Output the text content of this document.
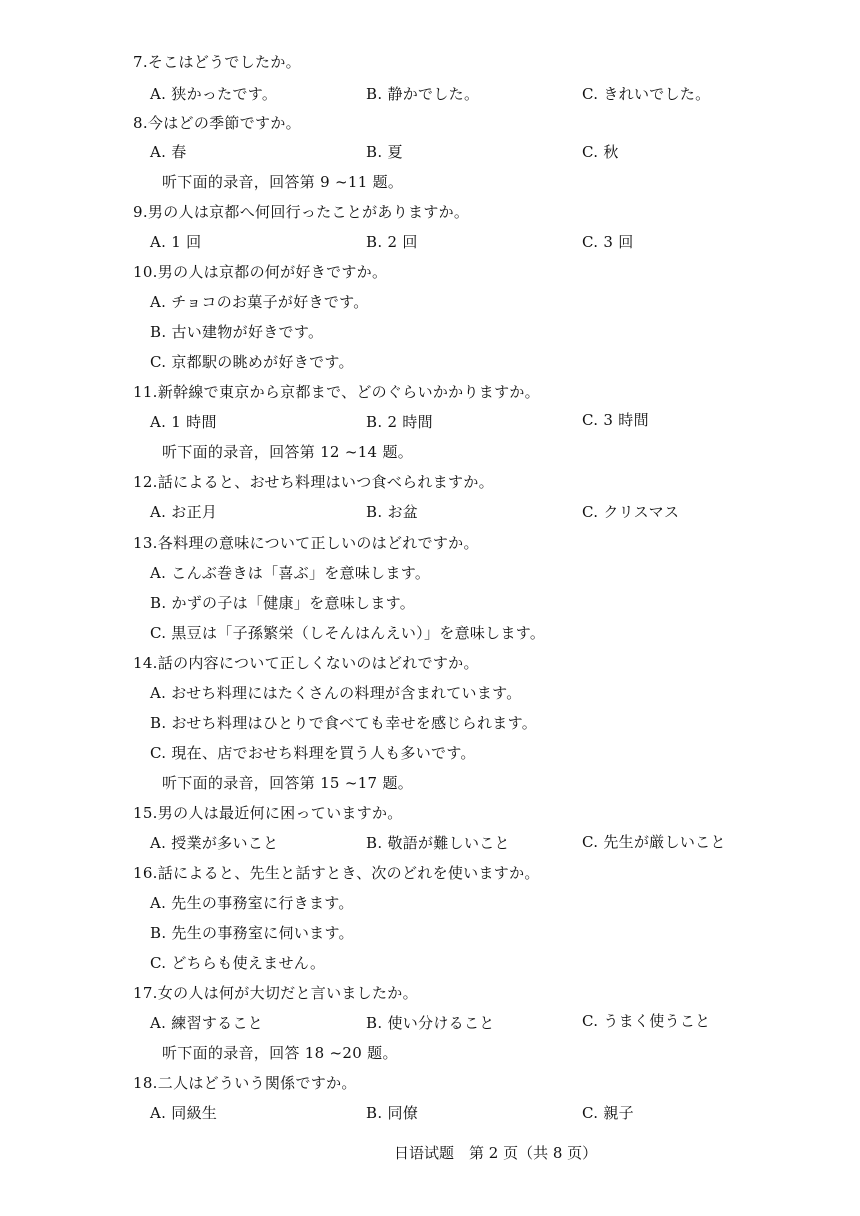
7.そこはどうでしたか。
A. 狭かったです。	B. 静かでした。	C. きれいでした。
8.今はどの季節ですか。
A. 春	B. 夏	C. 秋
听下面的录音，回答第 9 ~11 题。
9.男の人は京都へ何回行ったことがありますか。
A. 1 回	B. 2 回	C. 3 回
10.男の人は京都の何が好きですか。
A. チョコのお菓子が好きです。
B. 古い建物が好きです。
C. 京都駅の眺めが好きです。
11.新幹線で東京から京都まで、どのぐらいかかりますか。
A. 1 時間	B. 2 時間	C. 3 時間
听下面的录音，回答第 12 ~14 题。
12.話によると、おせち料理はいつ食べられますか。
A. お正月	B. お盆	C. クリスマス
13.各料理の意味について正しいのはどれですか。
A. こんぶ巻きは「喜ぶ」を意味します。
B. かずの子は「健康」を意味します。
C. 黒豆は「子孫繁栄（しそんはんえい）」を意味します。
14.話の内容について正しくないのはどれですか。
A. おせち料理にはたくさんの料理が含まれています。
B. おせち料理はひとりで食べても幸せを感じられます。
C. 現在、店でおせち料理を買う人も多いです。
听下面的录音，回答第 15 ~17 题。
15.男の人は最近何に困っていますか。
A. 授業が多いこと	B. 敬語が難しいこと	C. 先生が厳しいこと
16.話によると、先生と話すとき、次のどれを使いますか。
A. 先生の事務室に行きます。
B. 先生の事務室に伺います。
C. どちらも使えません。
17.女の人は何が大切だと言いましたか。
A. 練習すること	B. 使い分けること	C. うまく使うこと
听下面的录音，回答 18 ~20 题。
18.二人はどういう関係ですか。
A. 同級生	B. 同僚	C. 親子
日语试题　第 2 页（共 8 页）
